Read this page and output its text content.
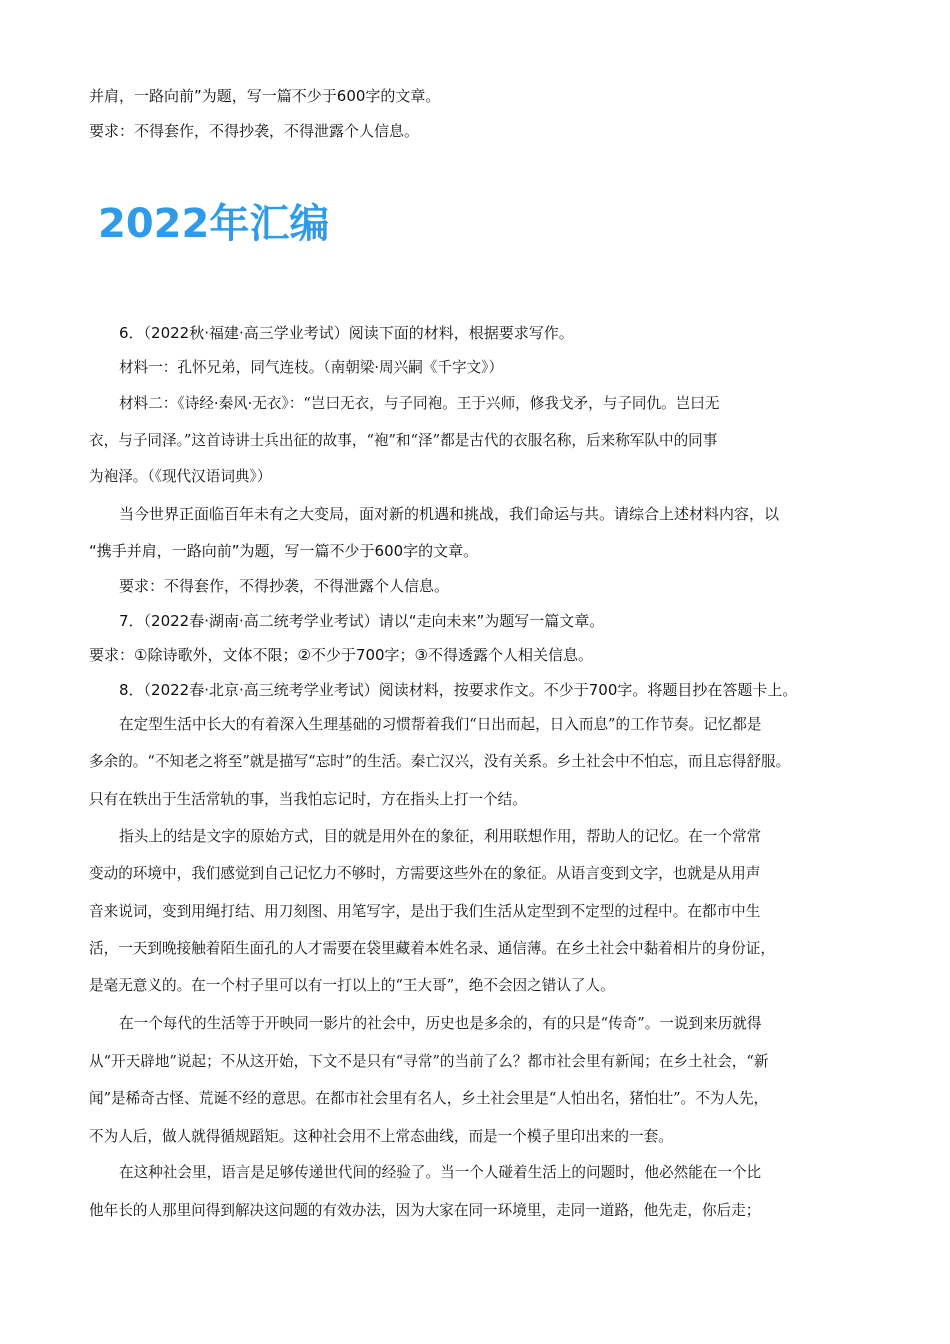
并肩，一路向前”为题，写一篇不少于600字的文章。
要求：不得套作，不得抄袭，不得泄露个人信息。
2022年汇编
6．（2022秋·福建·高三学业考试）阅读下面的材料，根据要求写作。
材料一：孔怀兄弟，同气连枝。（南朝梁·周兴嗣《千字文》）
材料二：《诗经·秦风·无衣》：“岂曰无衣，与子同袍。王于兴师，修我戈矛，与子同仇。岂曰无
衣，与子同泽。”这首诗讲士兵出征的故事，“袍”和“泽”都是古代的衣服名称，后来称军队中的同事
为袍泽。（《现代汉语词典》）
当今世界正面临百年未有之大变局，面对新的机遇和挑战，我们命运与共。请综合上述材料内容，以
“携手并肩，一路向前”为题，写一篇不少于600字的文章。
要求：不得套作，不得抄袭，不得泄露个人信息。
7．（2022春·湖南·高二统考学业考试）请以“走向未来”为题写一篇文章。
要求：①除诗歌外，文体不限；②不少于700字；③不得透露个人相关信息。
8．（2022春·北京·高三统考学业考试）阅读材料，按要求作文。不少于700字。将题目抄在答题卡上。
在定型生活中长大的有着深入生理基础的习惯帮着我们“日出而起，日入而息”的工作节奏。记忆都是
多余的。“不知老之将至”就是描写“忘时”的生活。秦亡汉兴，没有关系。乡土社会中不怕忘，而且忘得舒服。
只有在轶出于生活常轨的事，当我怕忘记时，方在指头上打一个结。
指头上的结是文字的原始方式，目的就是用外在的象征，利用联想作用，帮助人的记忆。在一个常常
变动的环境中，我们感觉到自己记忆力不够时，方需要这些外在的象征。从语言变到文字，也就是从用声
音来说词，变到用绳打结、用刀刻图、用笔写字，是出于我们生活从定型到不定型的过程中。在都市中生
活，一天到晚接触着陌生面孔的人才需要在袋里藏着本姓名录、通信薄。在乡土社会中黏着相片的身份证，
是毫无意义的。在一个村子里可以有一打以上的“王大哥”，绝不会因之错认了人。
在一个每代的生活等于开映同一影片的社会中，历史也是多余的，有的只是“传奇”。一说到来历就得
从“开天辟地”说起；不从这开始，下文不是只有“寻常”的当前了么？都市社会里有新闻；在乡土社会，“新
闻”是稀奇古怪、荒诞不经的意思。在都市社会里有名人，乡土社会里是“人怕出名，猪怕壮”。不为人先，
不为人后，做人就得循规蹈矩。这种社会用不上常态曲线，而是一个模子里印出来的一套。
在这种社会里，语言是足够传递世代间的经验了。当一个人碰着生活上的问题时，他必然能在一个比
他年长的人那里问得到解决这问题的有效办法，因为大家在同一环境里，走同一道路，他先走，你后走；
